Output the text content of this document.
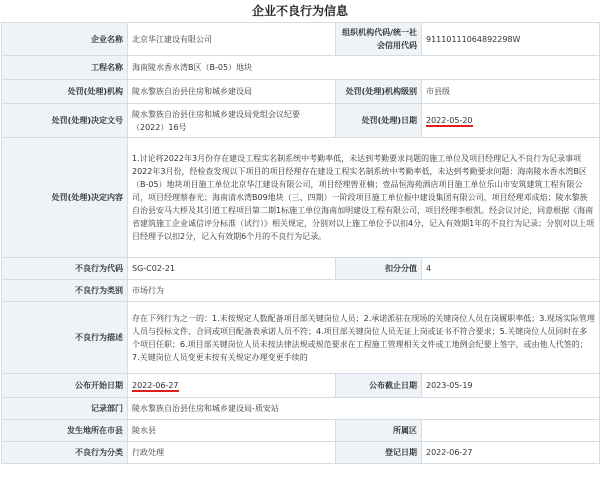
企业不良行为信息
企业名称	北京华江建设有限公司	组织机构代码/统一社会信用代码	91110111064892298W
工程名称	海南陵水香水湾B区（B-05）地块		
处罚(处理)机构	陵水黎族自治县住房和城乡建设局	处罚(处理)机构级别	市县级
处罚(处理)决定文号	陵水黎族自治县住房和城乡建设局党组会议纪要（2022）16号	处罚(处理)日期	2022-05-20
处罚(处理)决定内容	1.讨论将2022年3月份存在建设工程实名制系统中考勤率低，未达到考勤要求问题的施工单位及项目经理记入不良行为记录事项 2022年3月份，经检查发现以下项目的项目经理存在建设工程实名制系统中考勤率低，未达到考勤要求问题：海南陵水香水湾B区（B-05）地块项目施工单位北京华江建设有限公司，项目经理曾亚楠；壹品恒海苑酒店项目施工单位乐山市安筑建筑工程有限公司，项目经理蔡春光；海南清水湾B09地块（三、四期）一阶段项目施工单位振中建设集团有限公司，项目经理邓成焰；陵水黎族自治县安马大桥及其引道工程项目第二期1标施工单位海南加明建设工程有限公司，项目经理李根凯。经会议讨论，同意根据《海南省建筑施工企业诚信评分标准（试行）》相关规定，分别对以上施工单位予以扣4分，记入有效期1年的不良行为记录；分别对以上项目经理予以扣2分，记入有效期6个月的不良行为记录。		
不良行为代码	SG-C02-21	扣分分值	4
不良行为类别	市场行为		
不良行为描述	存在下列行为之一的：1.未按规定人数配备项目部关键岗位人员；2.承诺派驻在现场的关键岗位人员在岗履职率低；3.现场实际管理人员与投标文件、合同或项目配备表承诺人员不符；4.项目部关键岗位人员无证上岗或证书不符合要求；5.关键岗位人员同时在多个项目任职；6.项目部关键岗位人员未按法律法规或规范要求在工程施工管理相关文件或工地例会纪要上签字，或由他人代签的；7.关键岗位人员变更未按有关规定办理变更手续的		
公布开始日期	2022-06-27	公布截止日期	2023-05-19
记录部门	陵水黎族自治县住房和城乡建设局-质安站		
发生地所在市县	陵水县	所属区	
不良行为分类	行政处理	登记日期	2022-06-27
